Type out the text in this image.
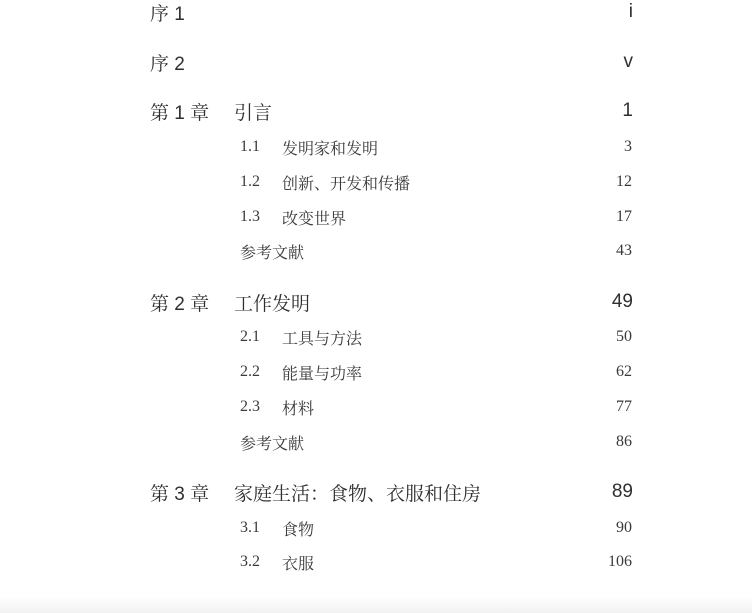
序 1	i
序 2	v
第 1 章	引言	1
1.1	发明家和发明	3
1.2	创新、开发和传播	12
1.3	改变世界	17
参考文献	43
第 2 章	工作发明	49
2.1	工具与方法	50
2.2	能量与功率	62
2.3	材料	77
参考文献	86
第 3 章	家庭生活：食物、衣服和住房	89
3.1	食物	90
3.2	衣服	106
